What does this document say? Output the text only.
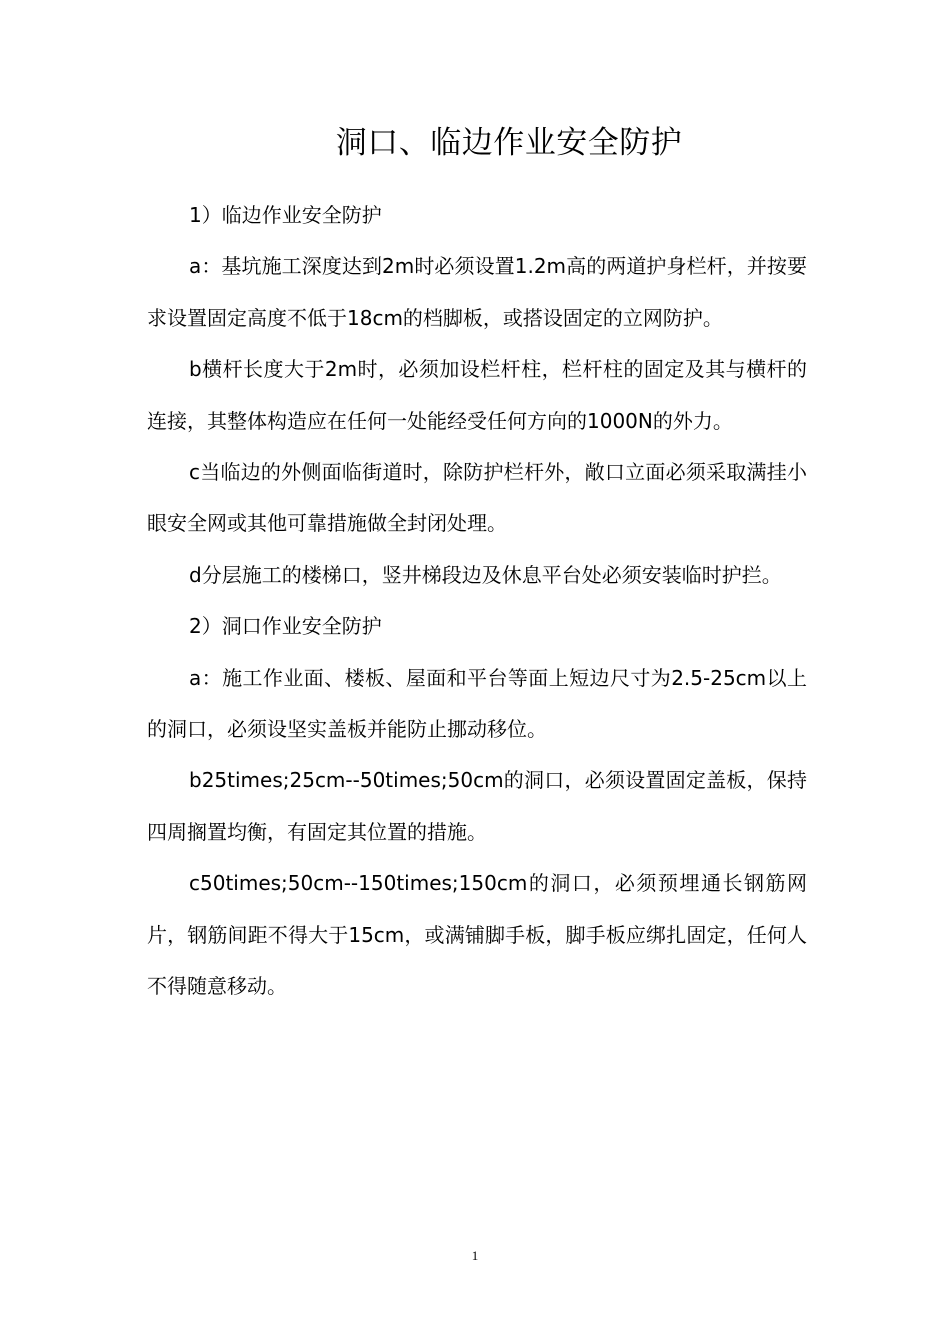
洞口、临边作业安全防护

1）临边作业安全防护

a：基坑施工深度达到2m时必须设置1.2m高的两道护身栏杆，并按要求设置固定高度不低于18cm的档脚板，或搭设固定的立网防护。

b横杆长度大于2m时，必须加设栏杆柱，栏杆柱的固定及其与横杆的连接，其整体构造应在任何一处能经受任何方向的1000N的外力。

c当临边的外侧面临街道时，除防护栏杆外，敞口立面必须采取满挂小眼安全网或其他可靠措施做全封闭处理。

d分层施工的楼梯口，竖井梯段边及休息平台处必须安装临时护拦。

2）洞口作业安全防护

a：施工作业面、楼板、屋面和平台等面上短边尺寸为2.5-25cm以上的洞口，必须设坚实盖板并能防止挪动移位。

b25times;25cm--50times;50cm的洞口，必须设置固定盖板，保持四周搁置均衡，有固定其位置的措施。

c50times;50cm--150times;150cm的洞口，必须预埋通长钢筋网片，钢筋间距不得大于15cm，或满铺脚手板，脚手板应绑扎固定，任何人不得随意移动。

1
